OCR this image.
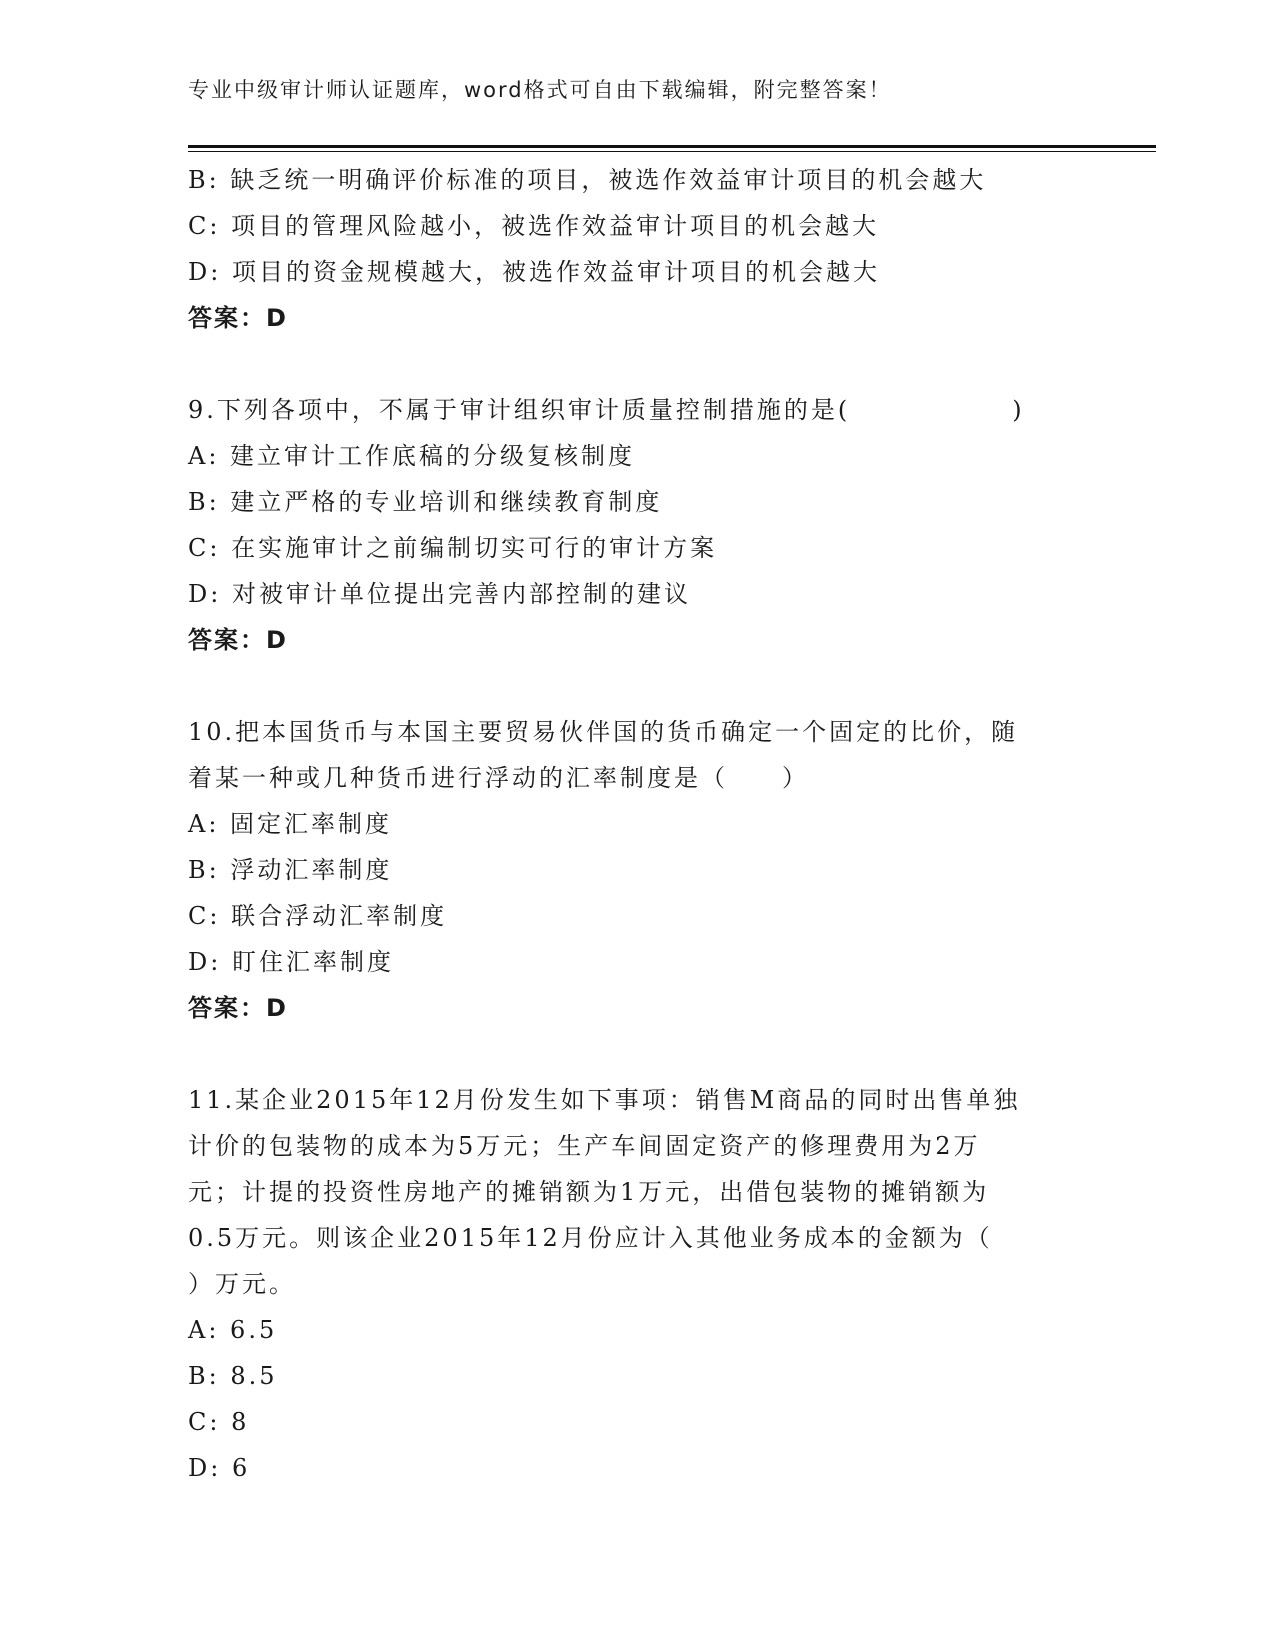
专业中级审计师认证题库，word格式可自由下载编辑，附完整答案！
B: 缺乏统一明确评价标准的项目，被选作效益审计项目的机会越大
C: 项目的管理风险越小，被选作效益审计项目的机会越大
D: 项目的资金规模越大，被选作效益审计项目的机会越大
答案：D
9.下列各项中，不属于审计组织审计质量控制措施的是(　　　　　　)
A: 建立审计工作底稿的分级复核制度
B: 建立严格的专业培训和继续教育制度
C: 在实施审计之前编制切实可行的审计方案
D: 对被审计单位提出完善内部控制的建议
答案：D
10.把本国货币与本国主要贸易伙伴国的货币确定一个固定的比价，随
着某一种或几种货币进行浮动的汇率制度是（　　）
A: 固定汇率制度
B: 浮动汇率制度
C: 联合浮动汇率制度
D: 盯住汇率制度
答案：D
11.某企业2015年12月份发生如下事项：销售M商品的同时出售单独
计价的包装物的成本为5万元；生产车间固定资产的修理费用为2万
元；计提的投资性房地产的摊销额为1万元，出借包装物的摊销额为
0.5万元。则该企业2015年12月份应计入其他业务成本的金额为（
）万元。
A: 6.5
B: 8.5
C: 8
D: 6
